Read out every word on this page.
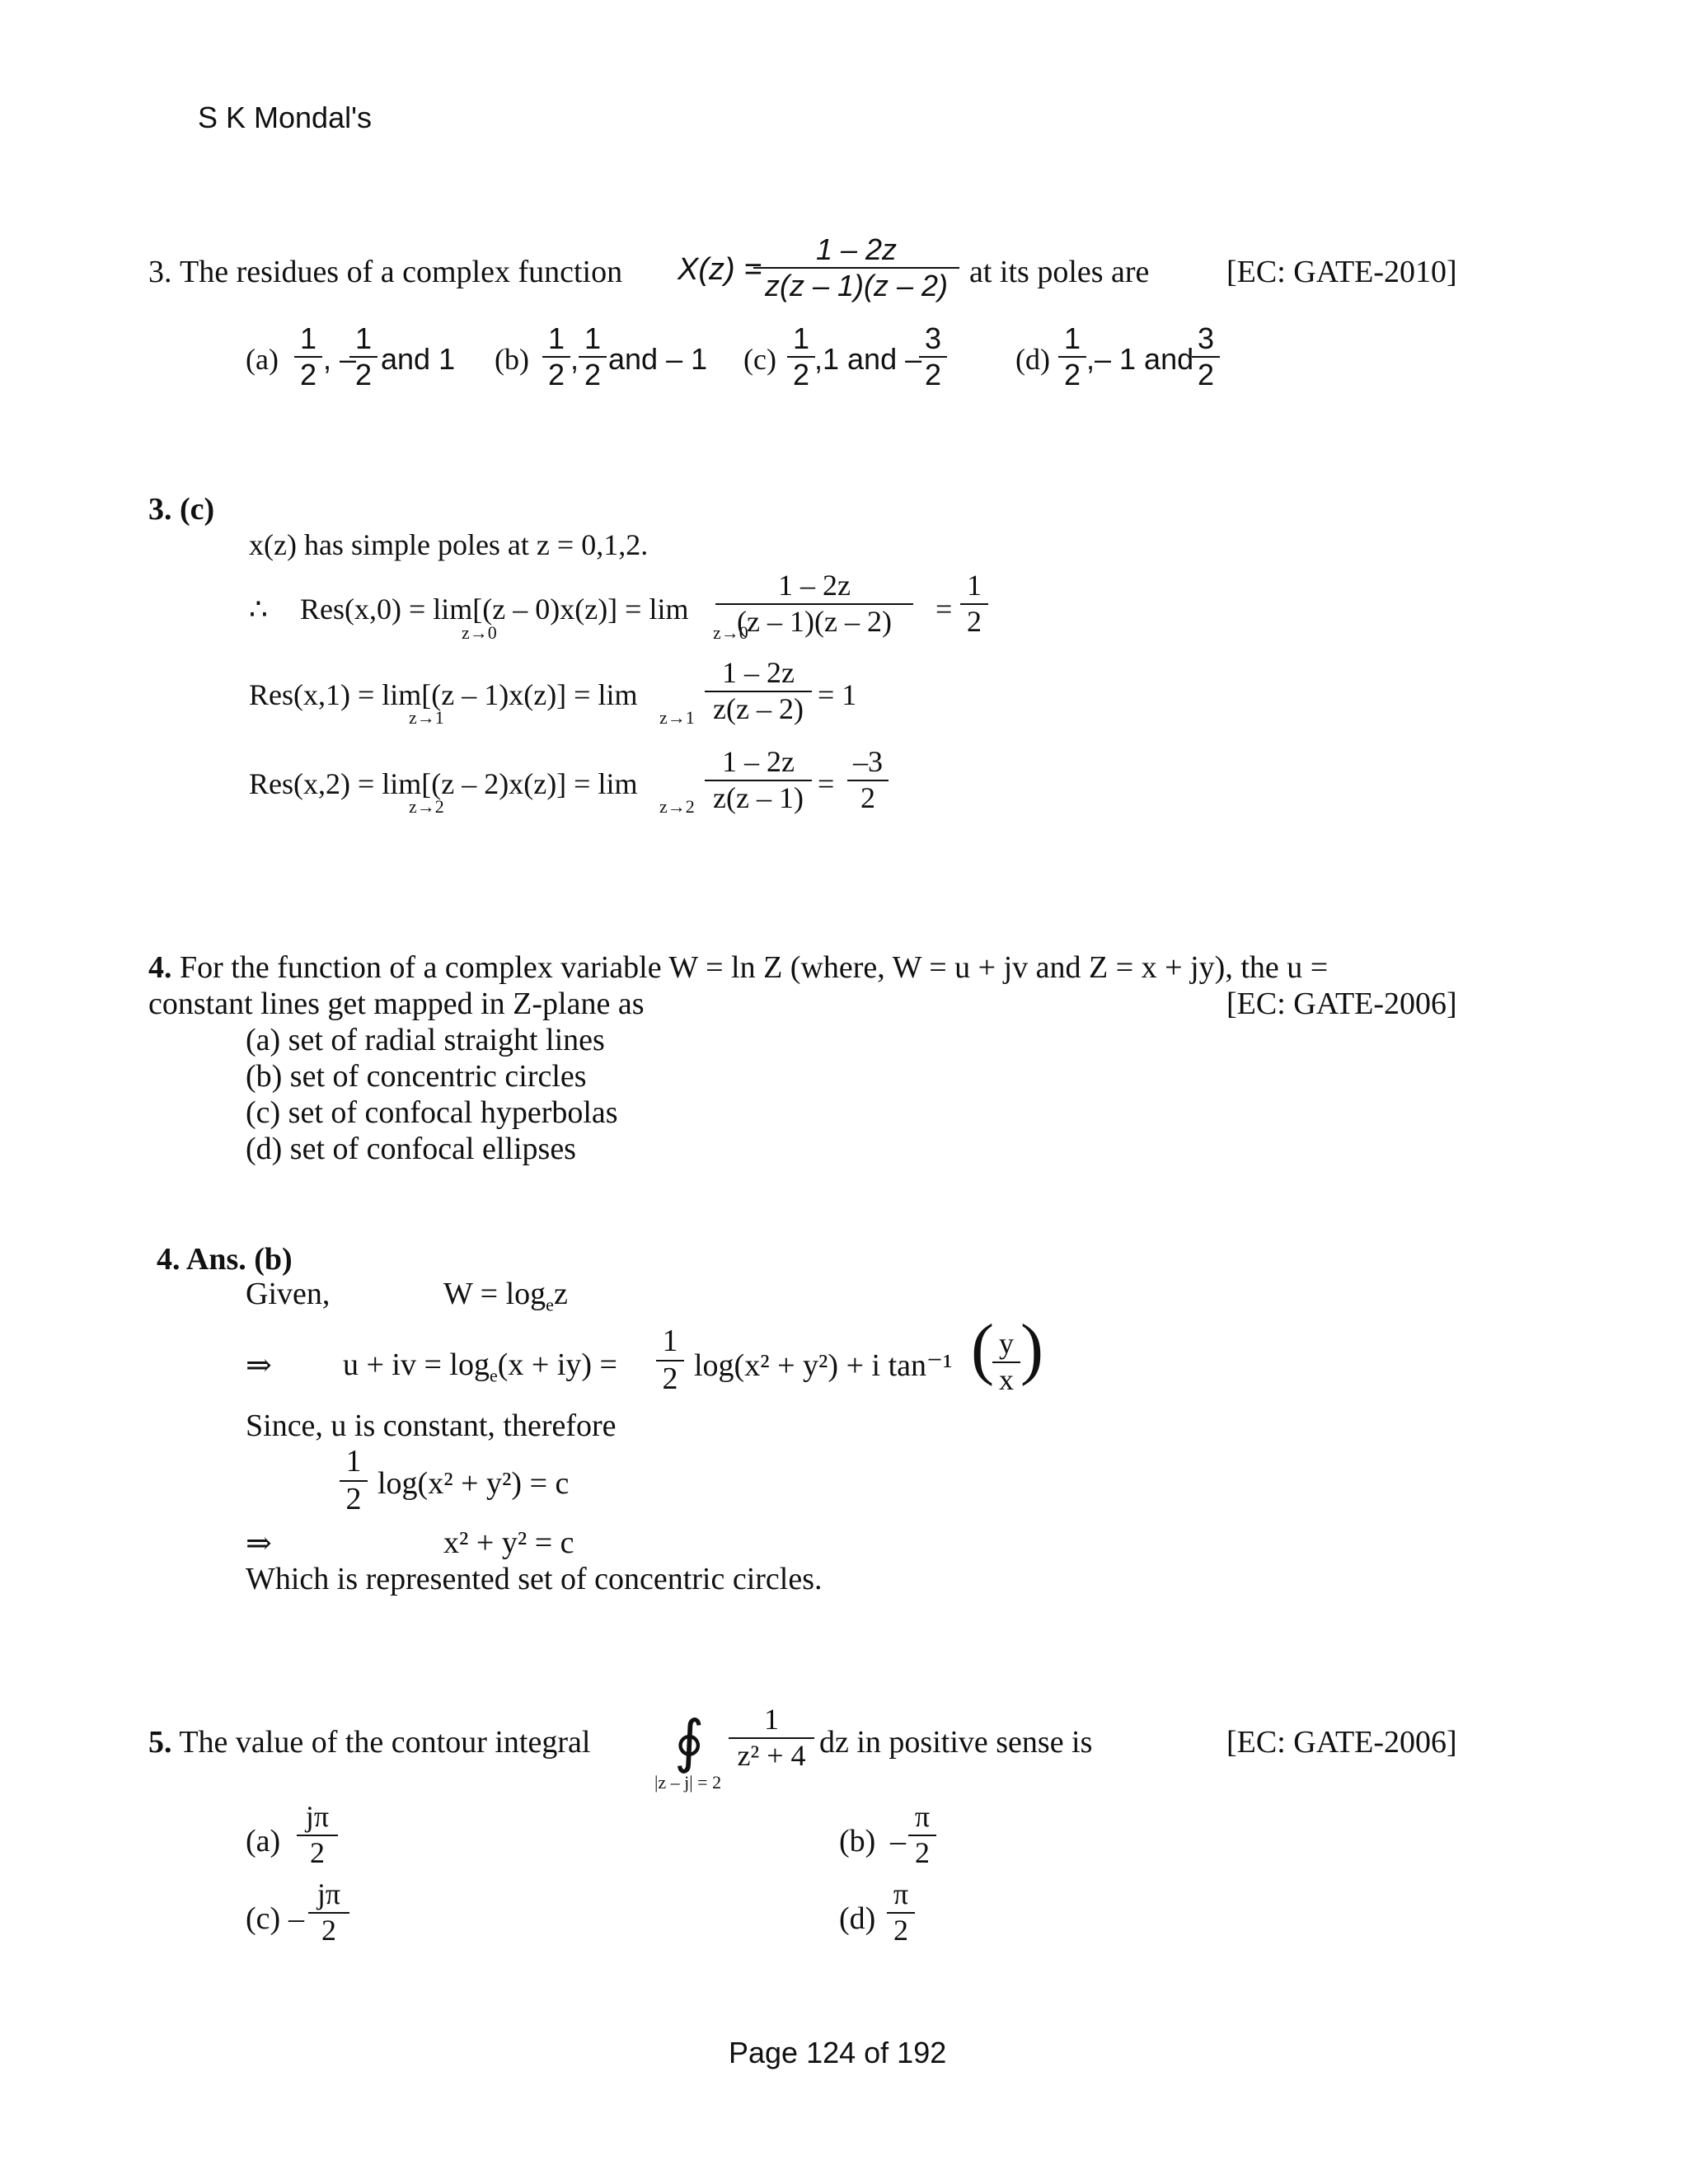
S K Mondal's
3. The residues of a complex function X(z) =
1 – 2z
z(z – 1)(z – 2) at its poles are [EC: GATE-2010]
(a)
1
2 , –
1
2 and 1 (b)
1
2 ,
1
2 and – 1 (c)
1
2 ,1 and –
3
2 (d)
1
2 ,– 1 and
3
2
3. (c)
x(z) has simple poles at z = 0,1,2.
∴ Res(x,0) = lim[(z – 0)x(z)] = lim
z→0	z→0
1 – 2z
(z – 1)(z – 2)	=
1
2
Res(x,1) = lim[(z – 1)x(z)] = lim
z→1	z→1
1 – 2z
z(z – 2) = 1
Res(x,2) = lim[(z – 2)x(z)] = lim
z→2	z→2
1 – 2z
z(z – 1) =
–3
2
4. For the function of a complex variable W = ln Z (where, W = u + jv and Z = x + jy), the u =
constant lines get mapped in Z-plane as	[EC: GATE-2006]
(a) set of radial straight lines
(b) set of concentric circles
(c) set of confocal hyperbolas
(d) set of confocal ellipses
4. Ans. (b)
Given,	$W = \log_ez$
⇒ u + iv = $\log_e(x + iy)$ =
1
2 log(x² + y²) + i tan⁻¹ ( y
x )
Since, u is constant, therefore
1
2 log(x² + y²) = c
⇒	x² + y² = c
Which is represented set of concentric circles.
5. The value of the contour integral ∮
|z – j| = 2
1
z² + 4 dz in positive sense is	[EC: GATE-2006]
(a)
jπ
2	(b) –
π
2
(c) –
jπ
2	(d)
π
2
Page 124 of 192
